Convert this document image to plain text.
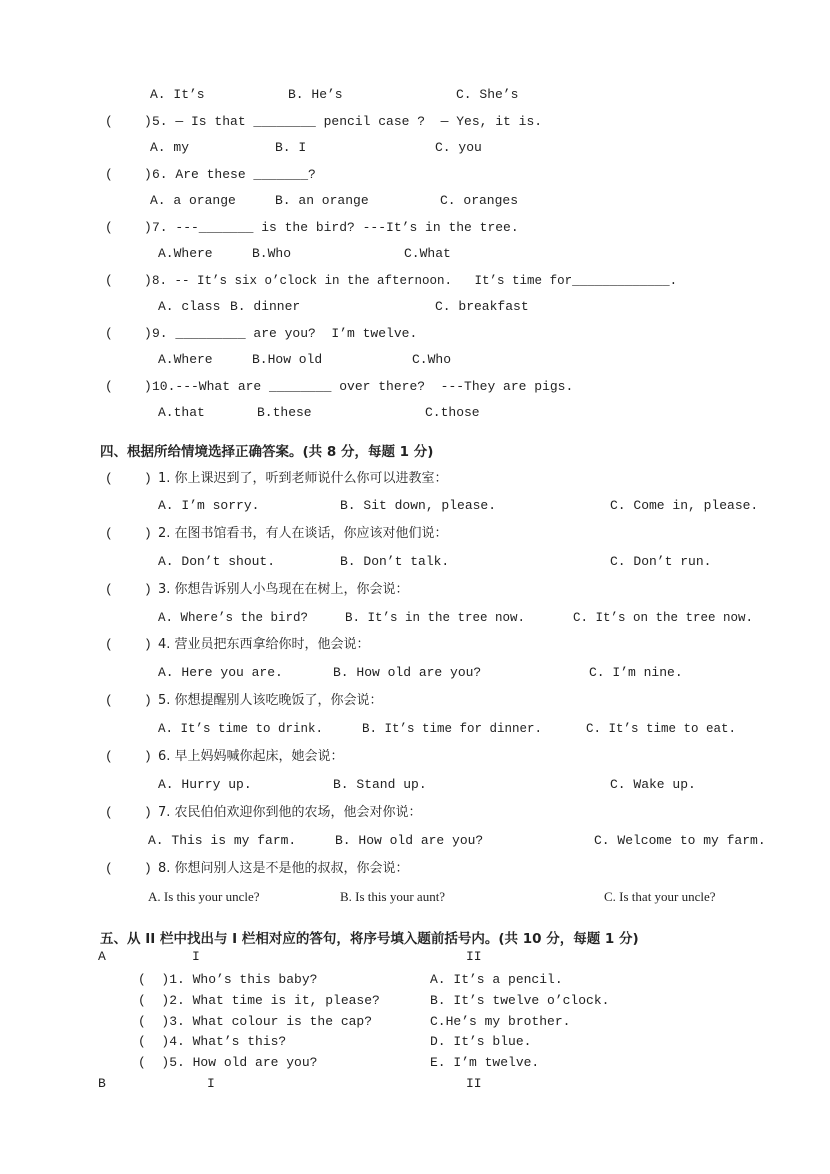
A. It’s	B. He’s	C. She’s
(    ) 5. — Is that ________ pencil case ?  — Yes, it is.
A. my	B. I	C. you
(    ) 6. Are these _______?
A. a orange	B. an orange	C. oranges
(    ) 7. ---_______ is the bird? ---It’s in the tree.
A.Where	B.Who	C.What
(    ) 8. -- It’s six o’clock in the afternoon.   It’s time for_____________.
A. class B. dinner	C. breakfast
(    ) 9. _________ are you?  I’m twelve.
A.Where	B.How old	C.Who
(    ) 10.---What are ________ over there?  ---They are pigs.
A.that	B.these	C.those
四、根据所给情境选择正确答案。(共 8 分，每题 1 分)
(    ) 1. 你上课迟到了，听到老师说什么你可以进教室：
A. I’m sorry.	B. Sit down, please.	C. Come in, please.
(    ) 2. 在图书馆看书，有人在谈话，你应该对他们说：
A. Don’t shout.	B. Don’t talk.	C. Don’t run.
(    ) 3. 你想告诉别人小鸟现在在树上，你会说：
A. Where’s the bird?	B. It’s in the tree now.	C. It’s on the tree now.
(    ) 4. 营业员把东西拿给你时，他会说：
A. Here you are.	B. How old are you?	C. I’m nine.
(    ) 5. 你想提醒别人该吃晚饭了，你会说：
A. It’s time to drink.	B. It’s time for dinner.	C. It’s time to eat.
(    ) 6. 早上妈妈喊你起床，她会说：
A. Hurry up.	B. Stand up.	C. Wake up.
(    ) 7. 农民伯伯欢迎你到他的农场，他会对你说：
A. This is my farm.	B. How old are you?	C. Welcome to my farm.
(    ) 8. 你想问别人这是不是他的叔叔，你会说：
A. Is this your uncle?	B. Is this your aunt?	C. Is that your uncle?
五、从 II 栏中找出与 I 栏相对应的答句，将序号填入题前括号内。(共 10 分，每题 1 分)
A	I	II
(  )1. Who’s this baby?	A. It’s a pencil.
(  )2. What time is it, please?	B. It’s twelve o’clock.
(  )3. What colour is the cap?	C.He’s my brother.
(  )4. What’s this?	D. It’s blue.
(  )5. How old are you?	E. I’m twelve.
B	I	II
